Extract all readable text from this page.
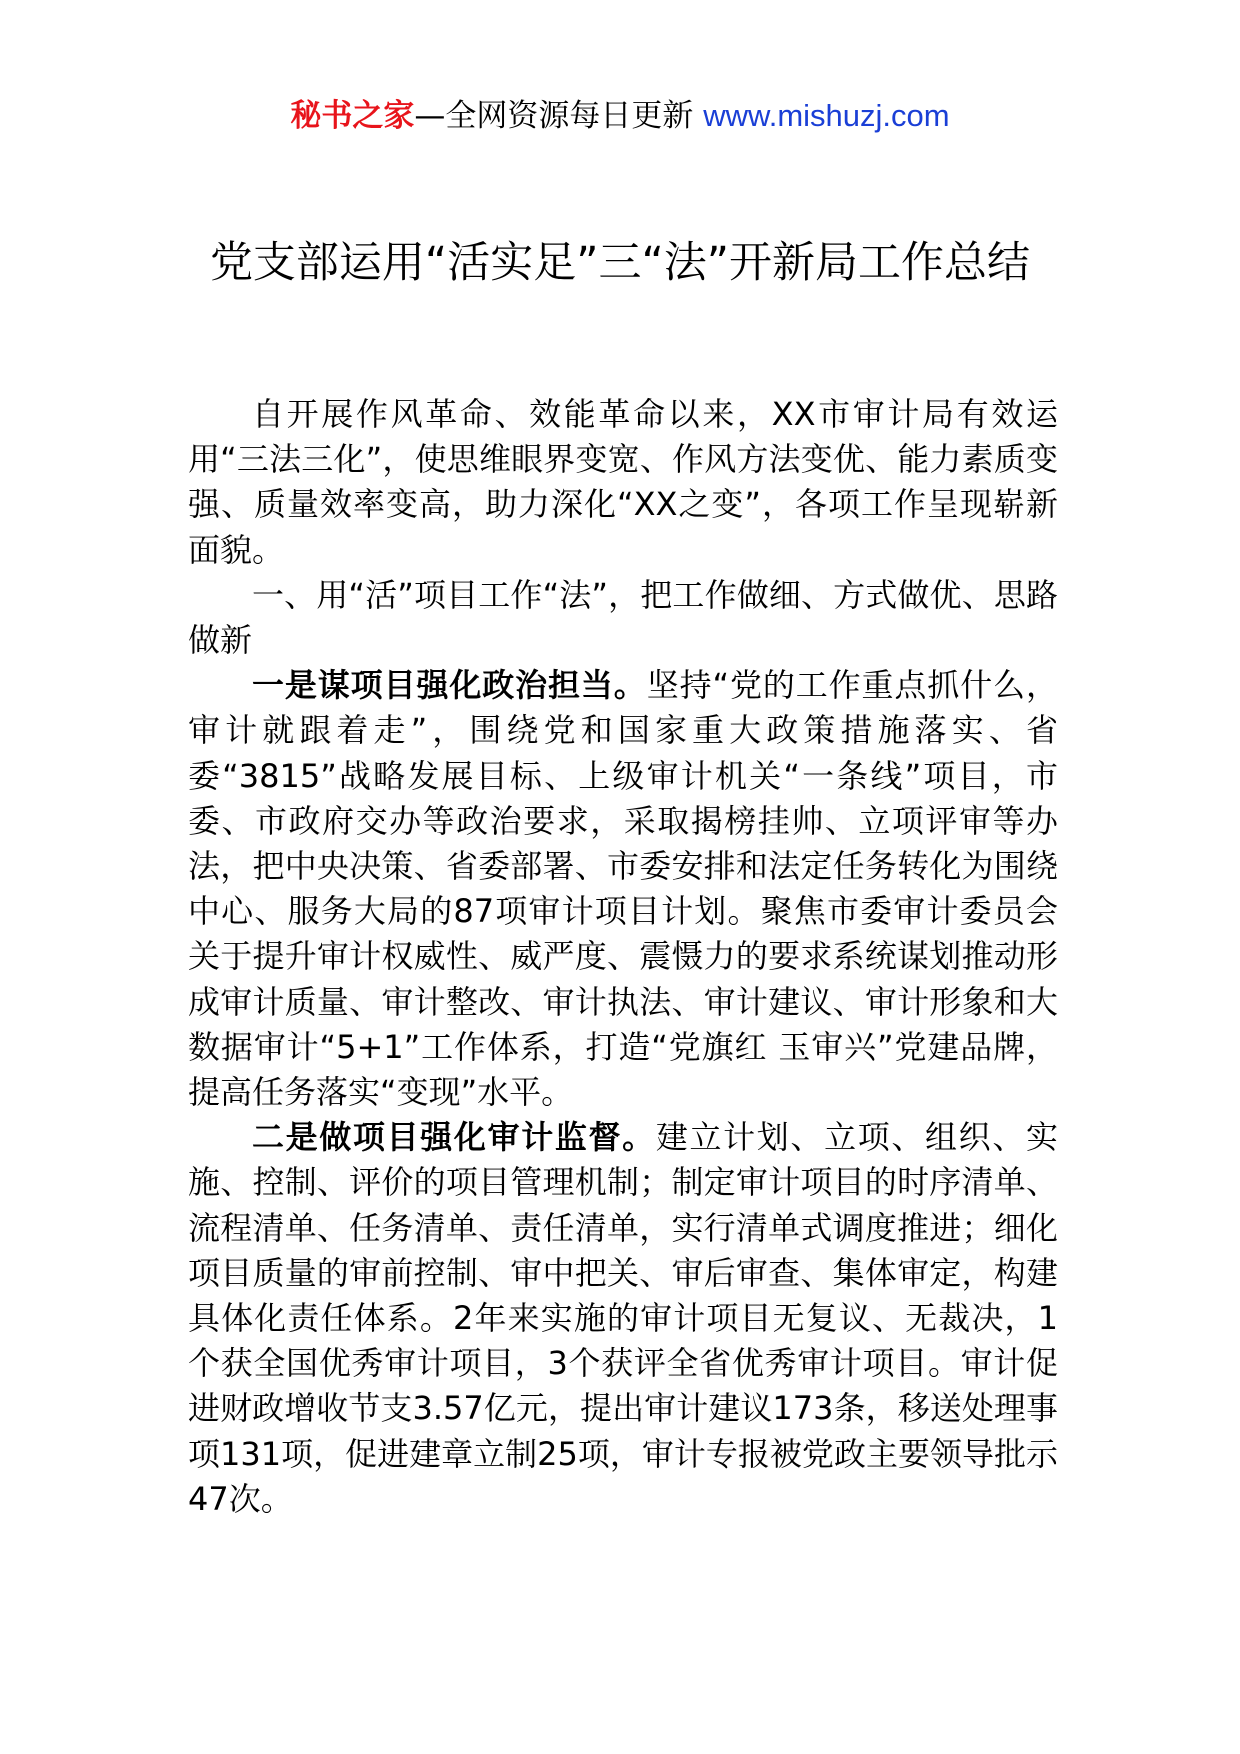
秘书之家—全网资源每日更新 www.mishuzj.com
党支部运用“活实足”三“法”开新局工作总结

自开展作风革命、效能革命以来，XX市审计局有效运用“三法三化”，使思维眼界变宽、作风方法变优、能力素质变强、质量效率变高，助力深化“XX之变”，各项工作呈现崭新面貌。

一、用“活”项目工作“法”，把工作做细、方式做优、思路做新

一是谋项目强化政治担当。坚持“党的工作重点抓什么，审计就跟着走”，围绕党和国家重大政策措施落实、省委“3815”战略发展目标、上级审计机关“一条线”项目，市委、市政府交办等政治要求，采取揭榜挂帅、立项评审等办法，把中央决策、省委部署、市委安排和法定任务转化为围绕中心、服务大局的87项审计项目计划。聚焦市委审计委员会关于提升审计权威性、威严度、震慑力的要求系统谋划推动形成审计质量、审计整改、审计执法、审计建议、审计形象和大数据审计“5+1”工作体系，打造“党旗红 玉审兴”党建品牌，提高任务落实“变现”水平。

二是做项目强化审计监督。建立计划、立项、组织、实施、控制、评价的项目管理机制；制定审计项目的时序清单、流程清单、任务清单、责任清单，实行清单式调度推进；细化项目质量的审前控制、审中把关、审后审查、集体审定，构建具体化责任体系。2年来实施的审计项目无复议、无裁决，1个获全国优秀审计项目，3个获评全省优秀审计项目。审计促进财政增收节支3.57亿元，提出审计建议173条，移送处理事项131项，促进建章立制25项，审计专报被党政主要领导批示47次。
